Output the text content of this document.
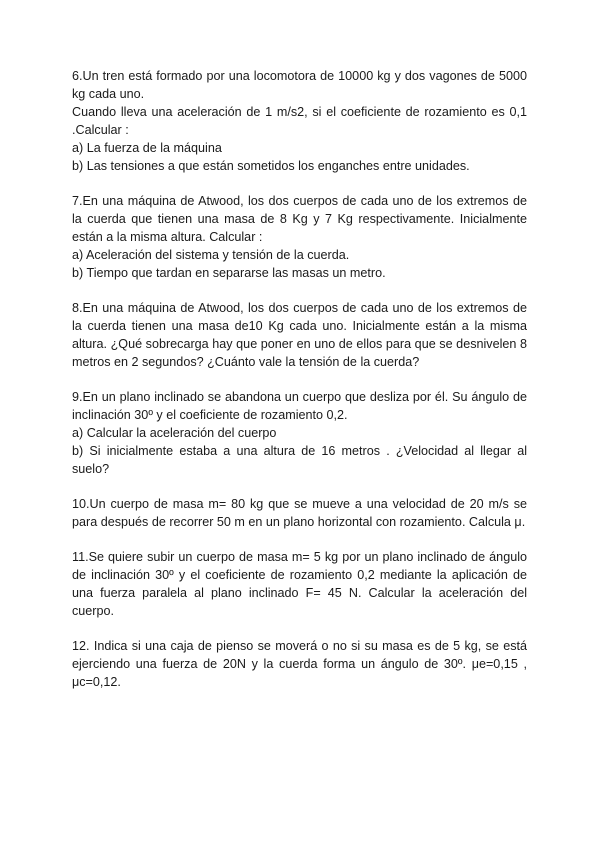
6.Un tren está formado por una locomotora de 10000 kg y dos vagones de 5000 kg cada uno.

Cuando lleva una aceleración de 1 m/s2, si el coeficiente de rozamiento es 0,1 .Calcular :

a) La fuerza de la máquina

b) Las tensiones a que están sometidos los enganches entre unidades.

7.En una máquina de Atwood, los dos cuerpos de cada uno de los extremos de la cuerda que tienen una masa de 8 Kg y 7 Kg respectivamente. Inicialmente están a la misma altura. Calcular :

a) Aceleración del sistema y tensión de la cuerda.

b) Tiempo que tardan en separarse las masas un metro.

8.En una máquina de Atwood, los dos cuerpos de cada uno de los extremos de la cuerda tienen una masa de10 Kg cada uno. Inicialmente están a la misma altura. ¿Qué sobrecarga hay que poner en uno de ellos para que se desnivelen 8 metros en 2 segundos? ¿Cuánto vale la tensión de la cuerda?

9.En un plano inclinado se abandona un cuerpo que desliza por él. Su ángulo de inclinación 30º y el coeficiente de rozamiento 0,2.

a) Calcular la aceleración del cuerpo

b) Si inicialmente estaba a una altura de 16 metros . ¿Velocidad al llegar al suelo?

10.Un cuerpo de masa m= 80 kg que se mueve a una velocidad de 20 m/s se para después de recorrer 50 m en un plano horizontal con rozamiento. Calcula μ.

11.Se quiere subir un cuerpo de masa m= 5 kg por un plano inclinado de ángulo de inclinación 30º y el coeficiente de rozamiento 0,2 mediante la aplicación de una fuerza paralela al plano inclinado F= 45 N. Calcular la aceleración del cuerpo.

12. Indica si una caja de pienso se moverá o no si su masa es de 5 kg, se está ejerciendo una fuerza de 20N y la cuerda forma un ángulo de 30º. μe=0,15 , μc=0,12.
